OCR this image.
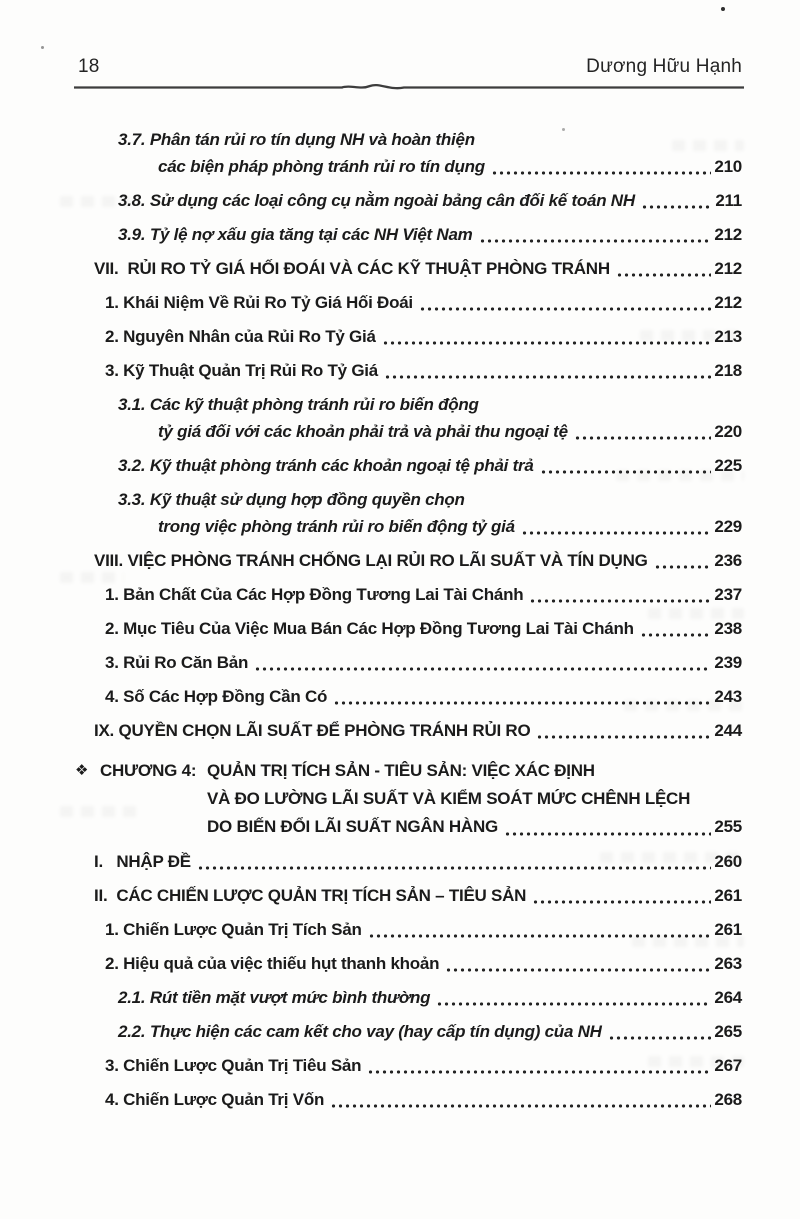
18	Dương Hữu Hạnh
3.7. Phân tán rủi ro tín dụng NH và hoàn thiện
các biện pháp phòng tránh rủi ro tín dụng	210
3.8. Sử dụng các loại công cụ nằm ngoài bảng cân đối kế toán NH	211
3.9. Tỷ lệ nợ xấu gia tăng tại các NH Việt Nam	212
VII.  RỦI RO TỶ GIÁ HỐI ĐOÁI VÀ CÁC KỸ THUẬT PHÒNG TRÁNH	212
1. Khái Niệm Về Rủi Ro Tỷ Giá Hối Đoái	212
2. Nguyên Nhân của Rủi Ro Tỷ Giá	213
3. Kỹ Thuật Quản Trị Rủi Ro Tỷ Giá	218
3.1. Các kỹ thuật phòng tránh rủi ro biến động
tỷ giá đối với các khoản phải trả và phải thu ngoại tệ	220
3.2. Kỹ thuật phòng tránh các khoản ngoại tệ phải trả	225
3.3. Kỹ thuật sử dụng hợp đồng quyền chọn
trong việc phòng tránh rủi ro biến động tỷ giá	229
VIII. VIỆC PHÒNG TRÁNH CHỐNG LẠI RỦI RO LÃI SUẤT VÀ TÍN DỤNG	236
1. Bản Chất Của Các Hợp Đồng Tương Lai Tài Chánh	237
2. Mục Tiêu Của Việc Mua Bán Các Hợp Đồng Tương Lai Tài Chánh	238
3. Rủi Ro Căn Bản	239
4. Số Các Hợp Đồng Cần Có	243
IX. QUYỀN CHỌN LÃI SUẤT ĐỂ PHÒNG TRÁNH RỦI RO	244
❖ CHƯƠNG 4: QUẢN TRỊ TÍCH SẢN - TIÊU SẢN: VIỆC XÁC ĐỊNH
VÀ ĐO LƯỜNG LÃI SUẤT VÀ KIỂM SOÁT MỨC CHÊNH LỆCH
DO BIẾN ĐỔI LÃI SUẤT NGÂN HÀNG	255
I.   NHẬP ĐỀ	260
II.  CÁC CHIẾN LƯỢC QUẢN TRỊ TÍCH SẢN – TIÊU SẢN	261
1. Chiến Lược Quản Trị Tích Sản	261
2. Hiệu quả của việc thiếu hụt thanh khoản	263
2.1. Rút tiền mặt vượt mức bình thường	264
2.2. Thực hiện các cam kết cho vay (hay cấp tín dụng) của NH	265
3. Chiến Lược Quản Trị Tiêu Sản	267
4. Chiến Lược Quản Trị Vốn	268
